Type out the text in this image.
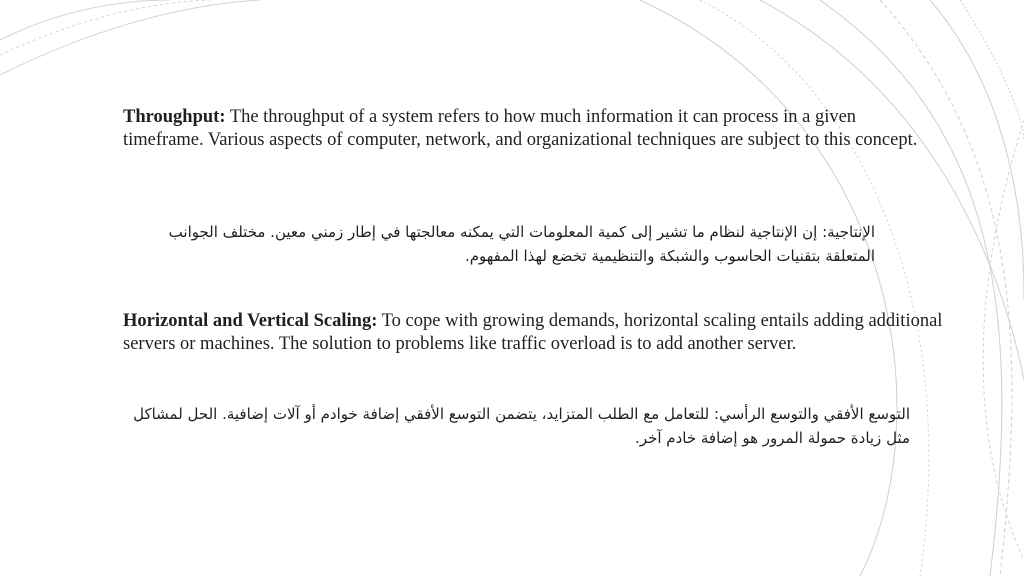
Throughput: The throughput of a system refers to how much information it can process in a given timeframe. Various aspects of computer, network, and organizational techniques are subject to this concept.

الإنتاجية: إن الإنتاجية لنظام ما تشير إلى كمية المعلومات التي يمكنه معالجتها في إطار زمني معين. مختلف الجوانب المتعلقة بتقنيات الحاسوب والشبكة والتنظيمية تخضع لهذا المفهوم.

Horizontal and Vertical Scaling: To cope with growing demands, horizontal scaling entails adding additional servers or machines. The solution to problems like traffic overload is to add another server.

التوسع الأفقي والتوسع الرأسي: للتعامل مع الطلب المتزايد، يتضمن التوسع الأفقي إضافة خوادم أو آلات إضافية. الحل لمشاكل مثل زيادة حمولة المرور هو إضافة خادم آخر.
